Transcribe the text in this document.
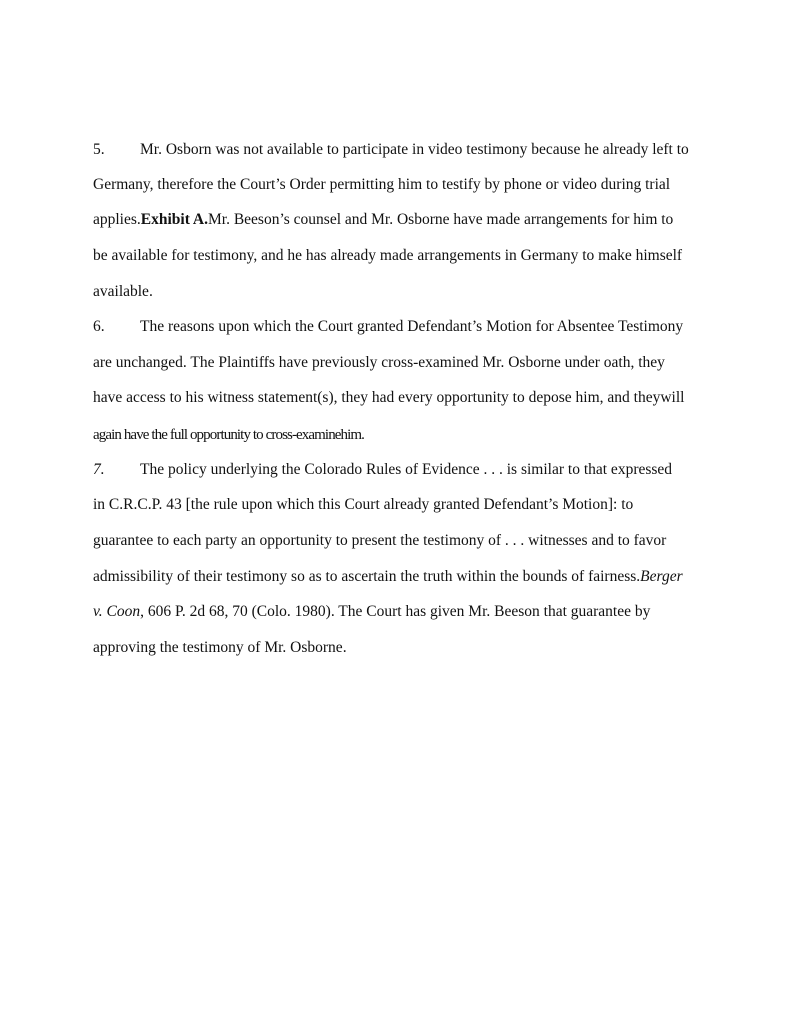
5. Mr. Osborn was not available to participate in video testimony because he already left to
Germany, therefore the Court’s Order permitting him to testify by phone or video during trial
applies.Exhibit A.Mr. Beeson’s counsel and Mr. Osborne have made arrangements for him to
be available for testimony, and he has already made arrangements in Germany to make himself
available.
6. The reasons upon which the Court granted Defendant’s Motion for Absentee Testimony
are unchanged. The Plaintiffs have previously cross-examined Mr. Osborne under oath, they
have access to his witness statement(s), they had every opportunity to depose him, and theywill
again have the full opportunity to cross-examinehim.
7. The policy underlying the Colorado Rules of Evidence . . . is similar to that expressed
in C.R.C.P. 43 [the rule upon which this Court already granted Defendant’s Motion]: to
guarantee to each party an opportunity to present the testimony of . . . witnesses and to favor
admissibility of their testimony so as to ascertain the truth within the bounds of fairness.Berger
v. Coon, 606 P. 2d 68, 70 (Colo. 1980). The Court has given Mr. Beeson that guarantee by
approving the testimony of Mr. Osborne.
